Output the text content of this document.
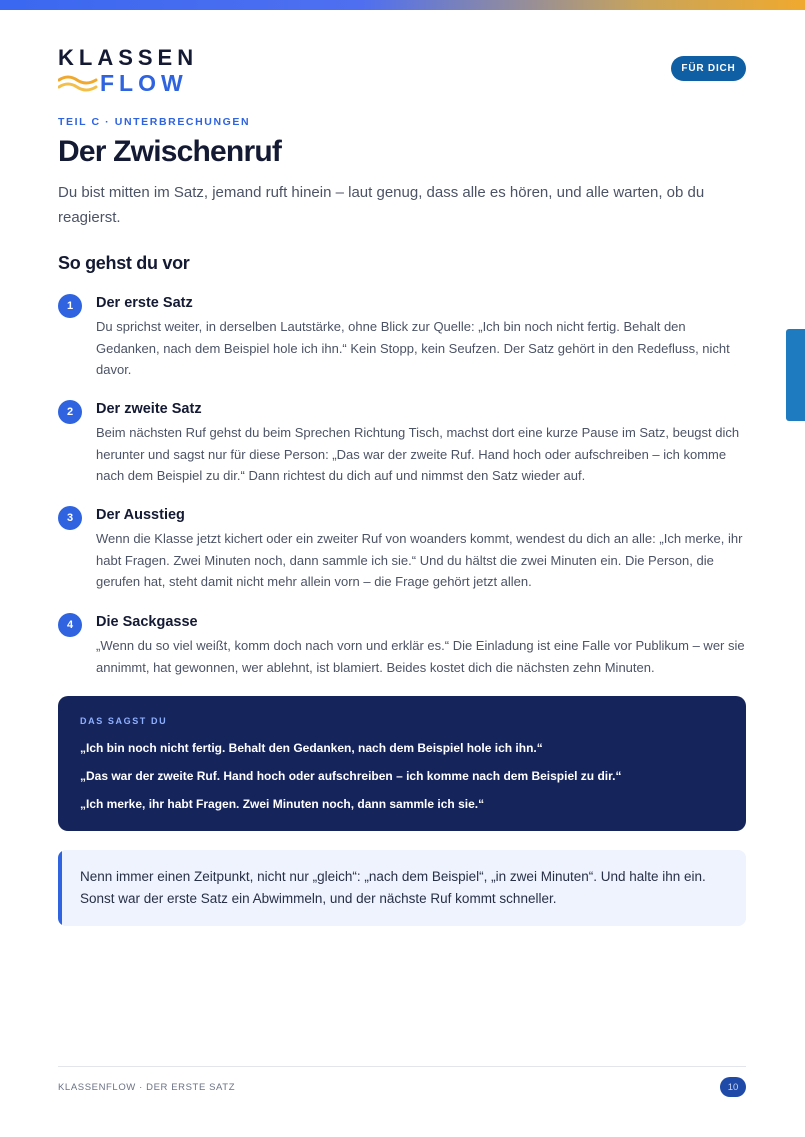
KLASSEN
FLOW
FÜR DICH
TEIL C · UNTERBRECHUNGEN
Der Zwischenruf

Du bist mitten im Satz, jemand ruft hinein – laut genug, dass alle es hören, und alle warten, ob du reagierst.

So gehst du vor
1	Der erste Satz
Du sprichst weiter, in derselben Lautstärke, ohne Blick zur Quelle: „Ich bin noch nicht fertig. Behalt den Gedanken, nach dem Beispiel hole ich ihn.“ Kein Stopp, kein Seufzen. Der Satz gehört in den Redefluss, nicht davor.
2	Der zweite Satz
Beim nächsten Ruf gehst du beim Sprechen Richtung Tisch, machst dort eine kurze Pause im Satz, beugst dich herunter und sagst nur für diese Person: „Das war der zweite Ruf. Hand hoch oder aufschreiben – ich komme nach dem Beispiel zu dir.“ Dann richtest du dich auf und nimmst den Satz wieder auf.
3	Der Ausstieg
Wenn die Klasse jetzt kichert oder ein zweiter Ruf von woanders kommt, wendest du dich an alle: „Ich merke, ihr habt Fragen. Zwei Minuten noch, dann sammle ich sie.“ Und du hältst die zwei Minuten ein. Die Person, die gerufen hat, steht damit nicht mehr allein vorn – die Frage gehört jetzt allen.
4	Die Sackgasse
„Wenn du so viel weißt, komm doch nach vorn und erklär es.“ Die Einladung ist eine Falle vor Publikum – wer sie annimmt, hat gewonnen, wer ablehnt, ist blamiert. Beides kostet dich die nächsten zehn Minuten.
DAS SAGST DU
„Ich bin noch nicht fertig. Behalt den Gedanken, nach dem Beispiel hole ich ihn.“
„Das war der zweite Ruf. Hand hoch oder aufschreiben – ich komme nach dem Beispiel zu dir.“
„Ich merke, ihr habt Fragen. Zwei Minuten noch, dann sammle ich sie.“
Nenn immer einen Zeitpunkt, nicht nur „gleich“: „nach dem Beispiel“, „in zwei Minuten“. Und halte ihn ein. Sonst war der erste Satz ein Abwimmeln, und der nächste Ruf kommt schneller.
KLASSENFLOW · DER ERSTE SATZ	10
